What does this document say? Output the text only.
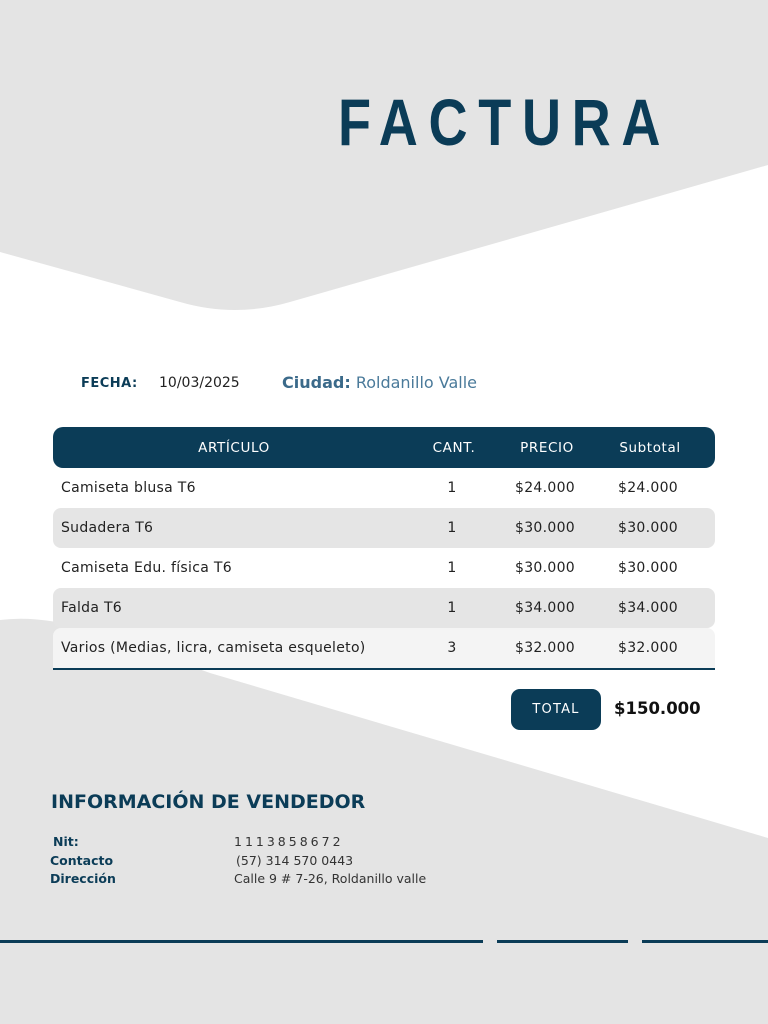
FACTURA
FECHA: 10/03/2025	Ciudad: Roldanillo Valle
ARTÍCULO	CANT.	PRECIO	Subtotal
Camiseta blusa T6	1	$24.000	$24.000
Sudadera T6	1	$30.000	$30.000
Camiseta Edu. física T6	1	$30.000	$30.000
Falda T6	1	$34.000	$34.000
Varios (Medias, licra, camiseta esqueleto)	3	$32.000	$32.000
TOTAL	$150.000
INFORMACIÓN DE VENDEDOR
Nit:	1113858672
Contacto	(57) 314 570 0443
Dirección	Calle 9 # 7-26, Roldanillo valle
